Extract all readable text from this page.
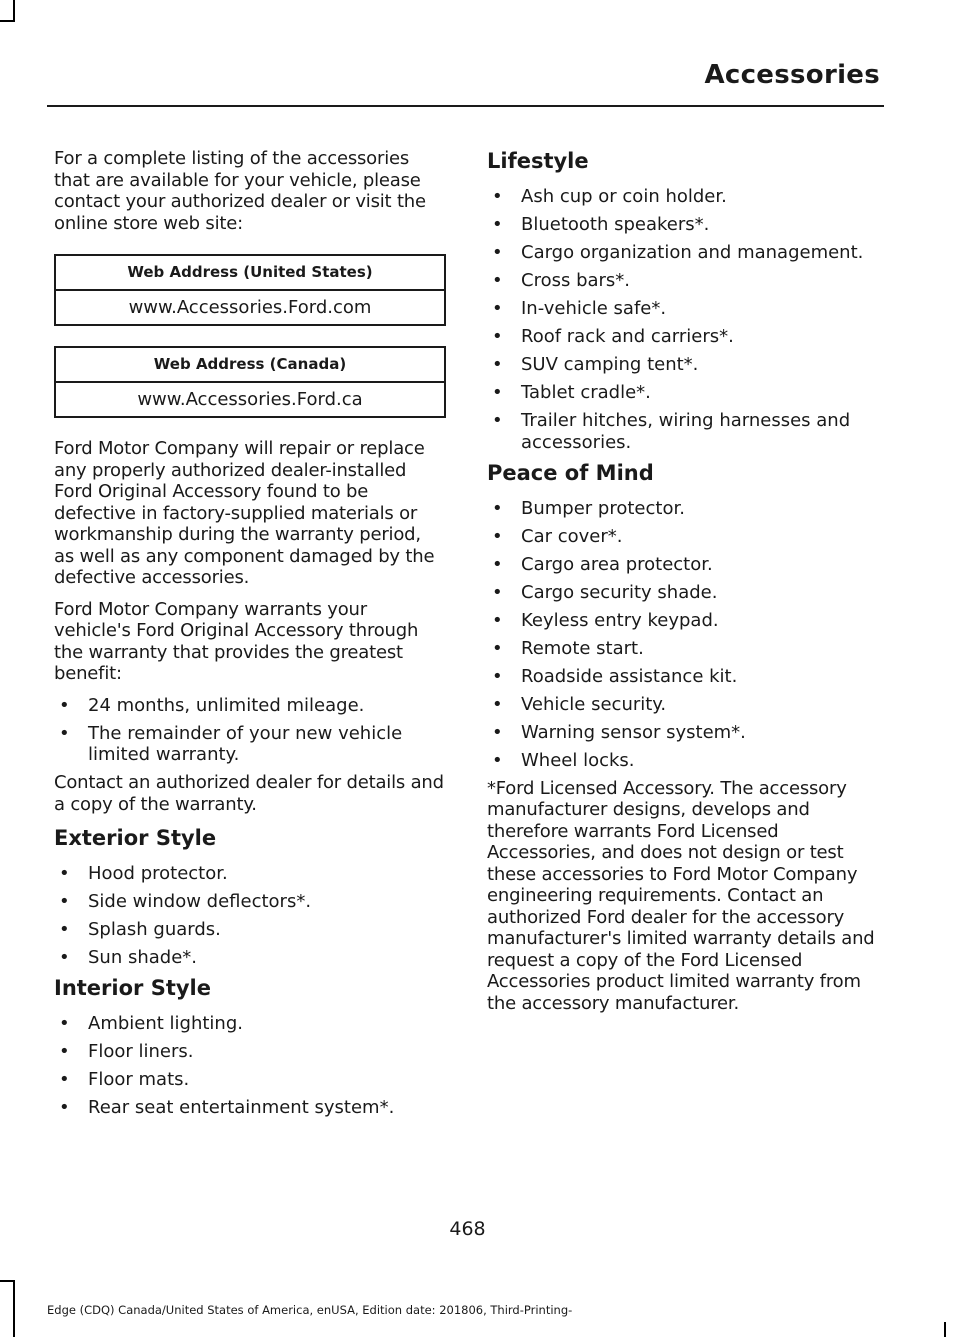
Accessories

For a complete listing of the accessories that are available for your vehicle, please contact your authorized dealer or visit the online store web site:

Web Address (United States)
www.Accessories.Ford.com
Web Address (Canada)
www.Accessories.Ford.ca

Ford Motor Company will repair or replace any properly authorized dealer-installed Ford Original Accessory found to be defective in factory-supplied materials or workmanship during the warranty period, as well as any component damaged by the defective accessories.

Ford Motor Company warrants your vehicle's Ford Original Accessory through the warranty that provides the greatest benefit:

• 24 months, unlimited mileage.
• The remainder of your new vehicle limited warranty.

Contact an authorized dealer for details and a copy of the warranty.

Exterior Style
• Hood protector.
• Side window deflectors*.
• Splash guards.
• Sun shade*.
Interior Style
• Ambient lighting.
• Floor liners.
• Floor mats.
• Rear seat entertainment system*.
Lifestyle
• Ash cup or coin holder.
• Bluetooth speakers*.
• Cargo organization and management.
• Cross bars*.
• In-vehicle safe*.
• Roof rack and carriers*.
• SUV camping tent*.
• Tablet cradle*.
• Trailer hitches, wiring harnesses and accessories.
Peace of Mind
• Bumper protector.
• Car cover*.
• Cargo area protector.
• Cargo security shade.
• Keyless entry keypad.
• Remote start.
• Roadside assistance kit.
• Vehicle security.
• Warning sensor system*.
• Wheel locks.

*Ford Licensed Accessory. The accessory manufacturer designs, develops and therefore warrants Ford Licensed Accessories, and does not design or test these accessories to Ford Motor Company engineering requirements. Contact an authorized Ford dealer for the accessory manufacturer's limited warranty details and request a copy of the Ford Licensed Accessories product limited warranty from the accessory manufacturer.

468
Edge (CDQ) Canada/United States of America, enUSA, Edition date: 201806, Third-Printing-
